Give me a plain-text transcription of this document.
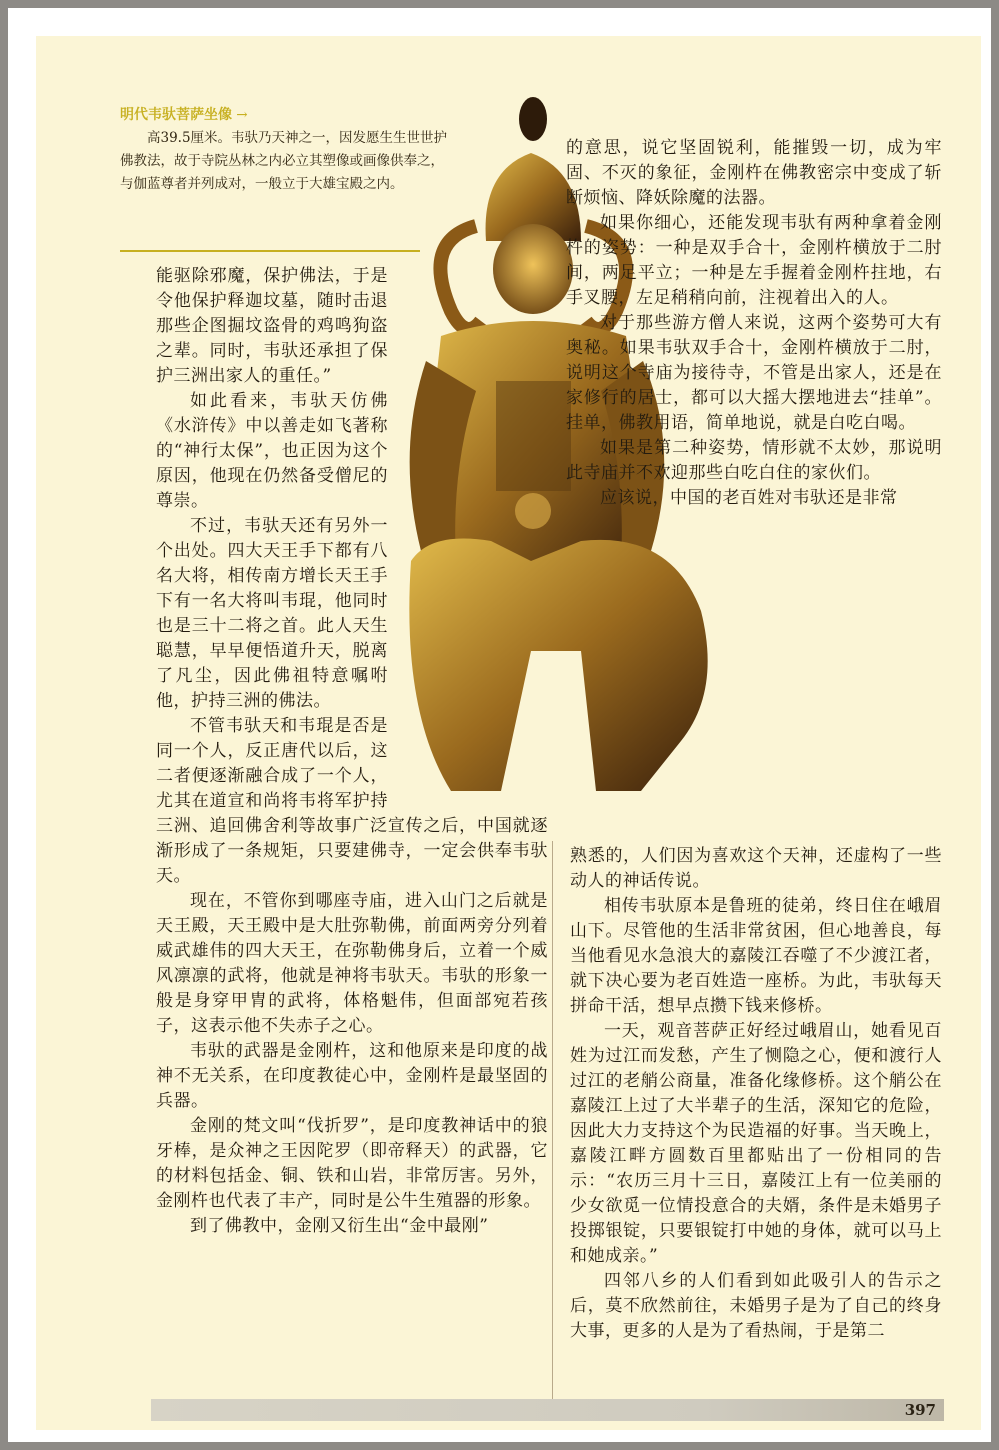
明代韦驮菩萨坐像 →

高39.5厘米。韦驮乃天神之一，因发愿生生世世护佛教法，故于寺院丛林之内必立其塑像或画像供奉之，与伽蓝尊者并列成对，一般立于大雄宝殿之内。

的意思，说它坚固锐利，能摧毁一切，成为牢固、不灭的象征，金刚杵在佛教密宗中变成了斩断烦恼、降妖除魔的法器。

如果你细心，还能发现韦驮有两种拿着金刚杵的姿势：一种是双手合十，金刚杵横放于二肘间，两足平立；一种是左手握着金刚杵拄地，右手叉腰，左足稍稍向前，注视着出入的人。

对于那些游方僧人来说，这两个姿势可大有奥秘。如果韦驮双手合十，金刚杵横放于二肘，说明这个寺庙为接待寺，不管是出家人，还是在家修行的居士，都可以大摇大摆地进去“挂单”。挂单，佛教用语，简单地说，就是白吃白喝。

如果是第二种姿势，情形就不太妙，那说明此寺庙并不欢迎那些白吃白住的家伙们。

应该说，中国的老百姓对韦驮还是非常

能驱除邪魔，保护佛法，于是令他保护释迦坟墓，随时击退那些企图掘坟盗骨的鸡鸣狗盗之辈。同时，韦驮还承担了保护三洲出家人的重任。”

如此看来，韦驮天仿佛《水浒传》中以善走如飞著称的“神行太保”，也正因为这个原因，他现在仍然备受僧尼的尊崇。

不过，韦驮天还有另外一个出处。四大天王手下都有八名大将，相传南方增长天王手下有一名大将叫韦琨，他同时也是三十二将之首。此人天生聪慧，早早便悟道升天，脱离了凡尘，因此佛祖特意嘱咐他，护持三洲的佛法。

不管韦驮天和韦琨是否是同一个人，反正唐代以后，这二者便逐渐融合成了一个人，尤其在道宣和尚将韦将军护持三洲、追回佛舍利等故事广泛宣传之后，中国就逐渐形成了一条规矩，只要建佛寺，一定会供奉韦驮天。

现在，不管你到哪座寺庙，进入山门之后就是天王殿，天王殿中是大肚弥勒佛，前面两旁分列着威武雄伟的四大天王，在弥勒佛身后，立着一个威风凛凛的武将，他就是神将韦驮天。韦驮的形象一般是身穿甲胄的武将，体格魁伟，但面部宛若孩子，这表示他不失赤子之心。

韦驮的武器是金刚杵，这和他原来是印度的战神不无关系，在印度教徒心中，金刚杵是最坚固的兵器。

金刚的梵文叫“伐折罗”，是印度教神话中的狼牙棒，是众神之王因陀罗（即帝释天）的武器，它的材料包括金、铜、铁和山岩，非常厉害。另外，金刚杵也代表了丰产，同时是公牛生殖器的形象。

到了佛教中，金刚又衍生出“金中最刚”

熟悉的，人们因为喜欢这个天神，还虚构了一些动人的神话传说。

相传韦驮原本是鲁班的徒弟，终日住在峨眉山下。尽管他的生活非常贫困，但心地善良，每当他看见水急浪大的嘉陵江吞噬了不少渡江者，就下决心要为老百姓造一座桥。为此，韦驮每天拼命干活，想早点攒下钱来修桥。

一天，观音菩萨正好经过峨眉山，她看见百姓为过江而发愁，产生了恻隐之心，便和渡行人过江的老艄公商量，准备化缘修桥。这个艄公在嘉陵江上过了大半辈子的生活，深知它的危险，因此大力支持这个为民造福的好事。当天晚上，嘉陵江畔方圆数百里都贴出了一份相同的告示：“农历三月十三日，嘉陵江上有一位美丽的少女欲觅一位情投意合的夫婿，条件是未婚男子投掷银锭，只要银锭打中她的身体，就可以马上和她成亲。”

四邻八乡的人们看到如此吸引人的告示之后，莫不欣然前往，未婚男子是为了自己的终身大事，更多的人是为了看热闹，于是第二

397
